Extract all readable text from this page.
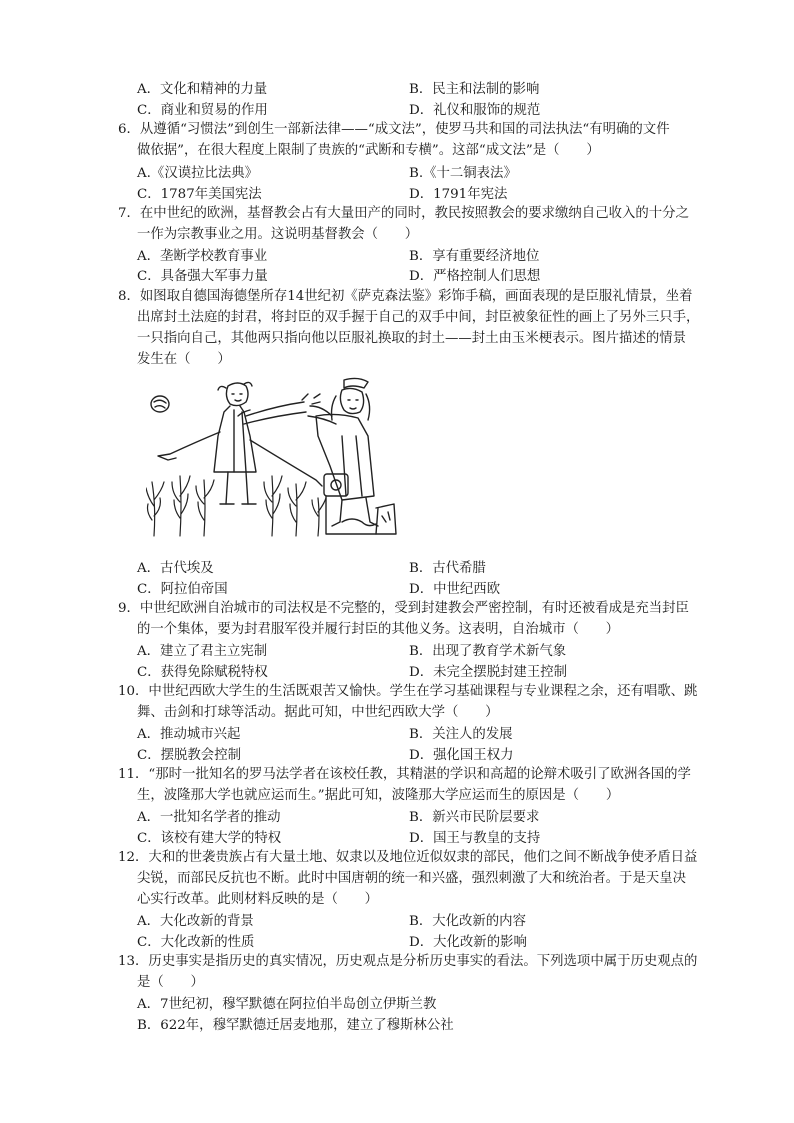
A．文化和精神的力量	B．民主和法制的影响
C．商业和贸易的作用	D．礼仪和服饰的规范
6．从遵循“习惯法”到创生一部新法律——“成文法”，使罗马共和国的司法执法“有明确的文件
做依据”，在很大程度上限制了贵族的“武断和专横”。这部“成文法”是（　　）
A.《汉谟拉比法典》	B.《十二铜表法》
C．1787年美国宪法	D．1791年宪法
7．在中世纪的欧洲，基督教会占有大量田产的同时，教民按照教会的要求缴纳自己收入的十分之
一作为宗教事业之用。这说明基督教会（　　）
A．垄断学校教育事业	B．享有重要经济地位
C．具备强大军事力量	D．严格控制人们思想
8．如图取自德国海德堡所存14世纪初《萨克森法鉴》彩饰手稿，画面表现的是臣服礼情景，坐着
出席封土法庭的封君，将封臣的双手握于自己的双手中间，封臣被象征性的画上了另外三只手，
一只指向自己，其他两只指向他以臣服礼换取的封土——封土由玉米梗表示。图片描述的情景
发生在（　　）
A．古代埃及	B．古代希腊
C．阿拉伯帝国	D．中世纪西欧
9．中世纪欧洲自治城市的司法权是不完整的，受到封建教会严密控制，有时还被看成是充当封臣
的一个集体，要为封君服军役并履行封臣的其他义务。这表明，自治城市（　　）
A．建立了君主立宪制	B．出现了教育学术新气象
C．获得免除赋税特权	D．未完全摆脱封建王控制
10．中世纪西欧大学生的生活既艰苦又愉快。学生在学习基础课程与专业课程之余，还有唱歌、跳
舞、击剑和打球等活动。据此可知，中世纪西欧大学（　　）
A．推动城市兴起	B．关注人的发展
C．摆脱教会控制	D．强化国王权力
11．“那时一批知名的罗马法学者在该校任教，其精湛的学识和高超的论辩术吸引了欧洲各国的学
生，波隆那大学也就应运而生。”据此可知，波隆那大学应运而生的原因是（　　）
A．一批知名学者的推动	B．新兴市民阶层要求
C．该校有建大学的特权	D．国王与教皇的支持
12．大和的世袭贵族占有大量土地、奴隶以及地位近似奴隶的部民，他们之间不断战争使矛盾日益
尖锐，而部民反抗也不断。此时中国唐朝的统一和兴盛，强烈刺激了大和统治者。于是天皇决
心实行改革。此则材料反映的是（　　）
A．大化改新的背景	B．大化改新的内容
C．大化改新的性质	D．大化改新的影响
13．历史事实是指历史的真实情况，历史观点是分析历史事实的看法。下列选项中属于历史观点的
是（　　）
A．7世纪初，穆罕默德在阿拉伯半岛创立伊斯兰教
B．622年，穆罕默德迁居麦地那，建立了穆斯林公社
